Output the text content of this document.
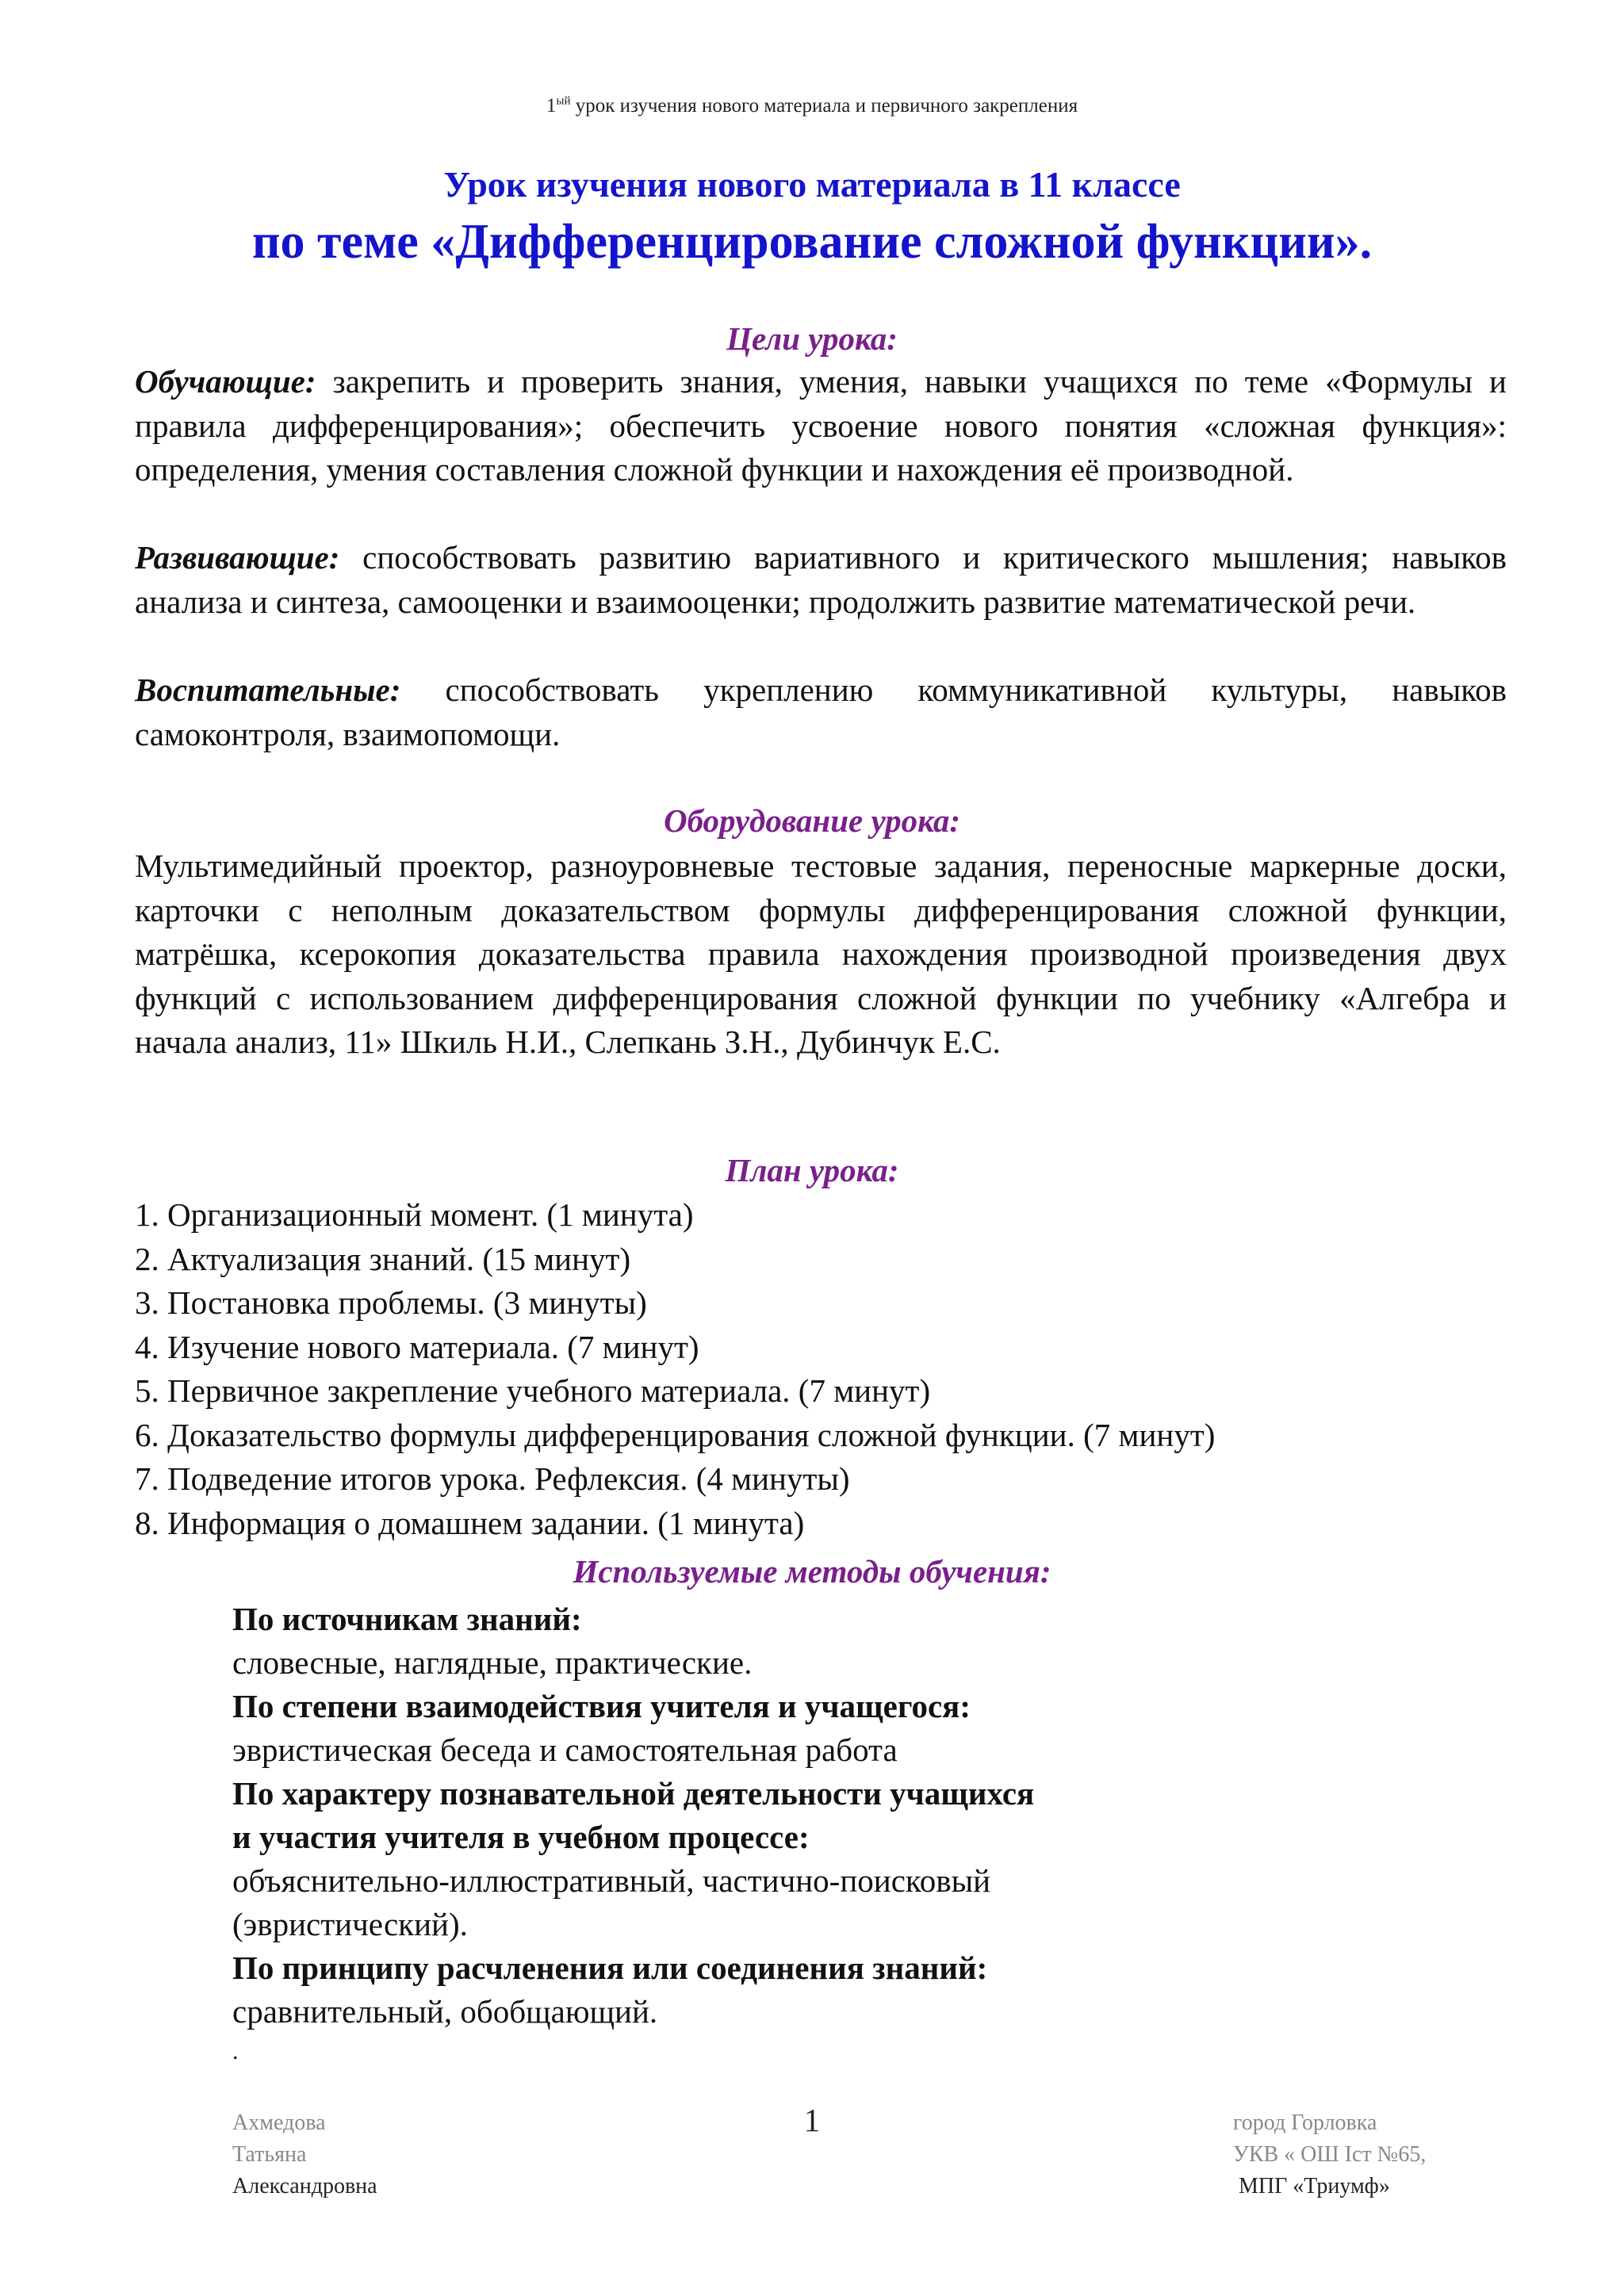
$1^{ый}$ урок изучения нового материала и первичного закрепления
Урок изучения нового материала в 11 классе
по теме «Дифференцирование сложной функции».
Цели урока:
Обучающие: закрепить и проверить знания, умения, навыки учащихся по теме «Формулы и правила дифференцирования»; обеспечить усвоение нового понятия «сложная функция»: определения, умения составления сложной функции и нахождения её производной.
Развивающие: способствовать развитию вариативного и критического мышления; навыков анализа и синтеза, самооценки и взаимооценки; продолжить развитие математической речи.
Воспитательные: способствовать укреплению коммуникативной культуры, навыков самоконтроля, взаимопомощи.
Оборудование урока:
Мультимедийный проектор, разноуровневые тестовые задания, переносные маркерные доски, карточки с неполным доказательством формулы дифференцирования сложной функции, матрёшка, ксерокопия доказательства правила нахождения производной произведения двух функций с использованием дифференцирования сложной функции по учебнику «Алгебра и начала анализ, 11» Шкиль Н.И., Слепкань З.Н., Дубинчук Е.С.
План урока:
1. Организационный момент. (1 минута)
2. Актуализация знаний. (15 минут)
3. Постановка проблемы. (3 минуты)
4. Изучение нового материала. (7 минут)
5. Первичное закрепление учебного материала. (7 минут)
6. Доказательство формулы дифференцирования сложной функции. (7 минут)
7. Подведение итогов урока. Рефлексия. (4 минуты)
8. Информация о домашнем задании. (1 минута)
Используемые методы обучения:
По источникам знаний:
словесные, наглядные, практические.
По степени взаимодействия учителя и учащегося:
эвристическая беседа и самостоятельная работа
По характеру познавательной деятельности учащихся
и участия учителя в учебном процессе:
объяснительно-иллюстративный, частично-поисковый
(эвристический).
По принципу расчленения или соединения знаний:
сравнительный, обобщающий.
.
Ахмедова
Татьяна
Александровна
1	город Горловка
УКВ « ОШ Iст №65,
МПГ «Триумф»
